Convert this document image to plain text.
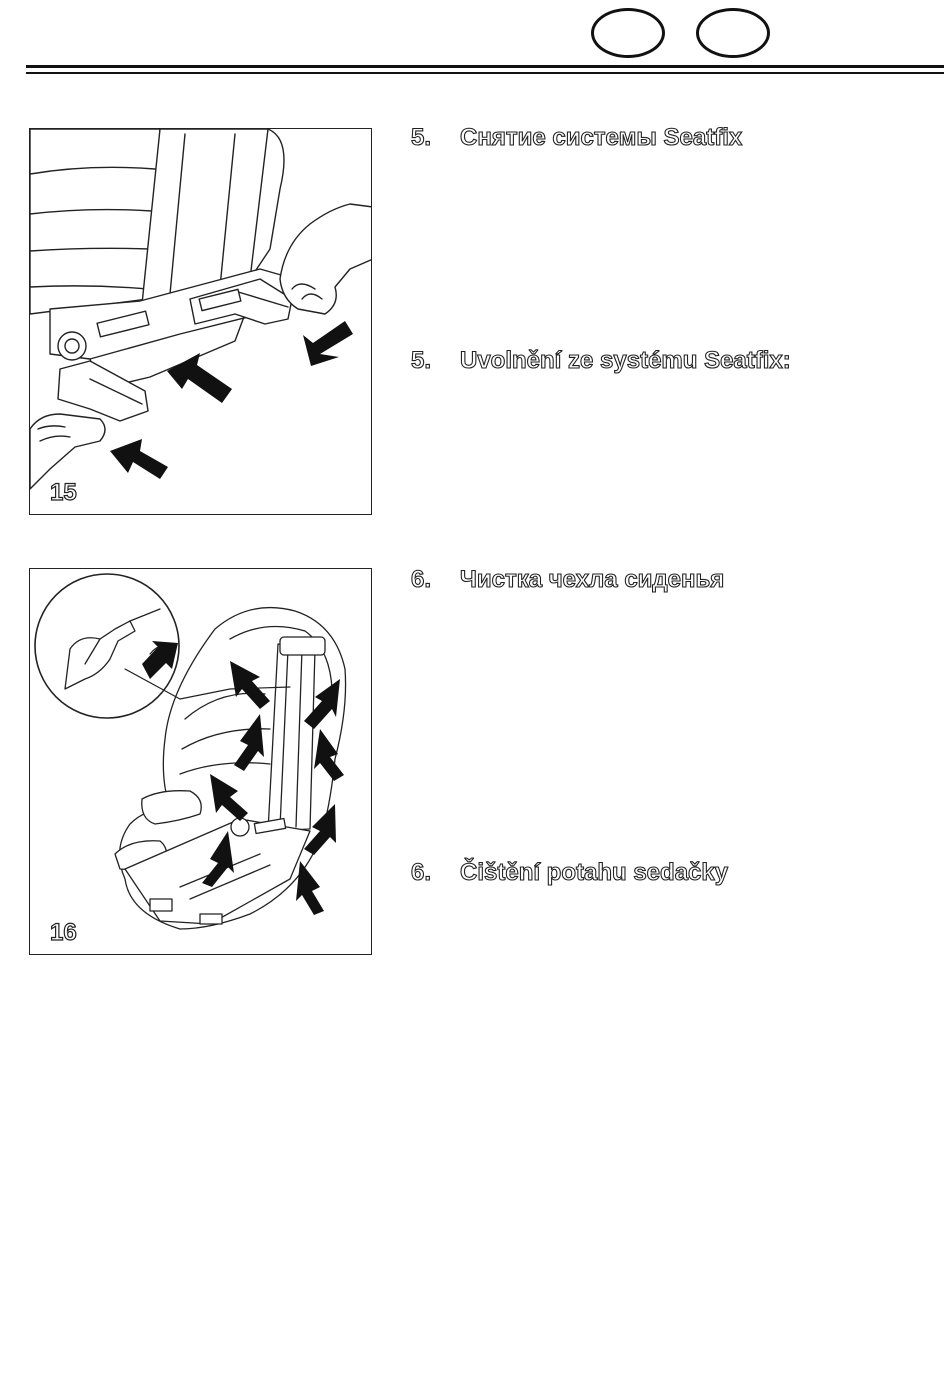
15
16
5. Снятие системы Seatfix
5. Uvolnění ze systému Seatfix:
6. Чистка чехла сиденья
6. Čištění potahu sedačky
